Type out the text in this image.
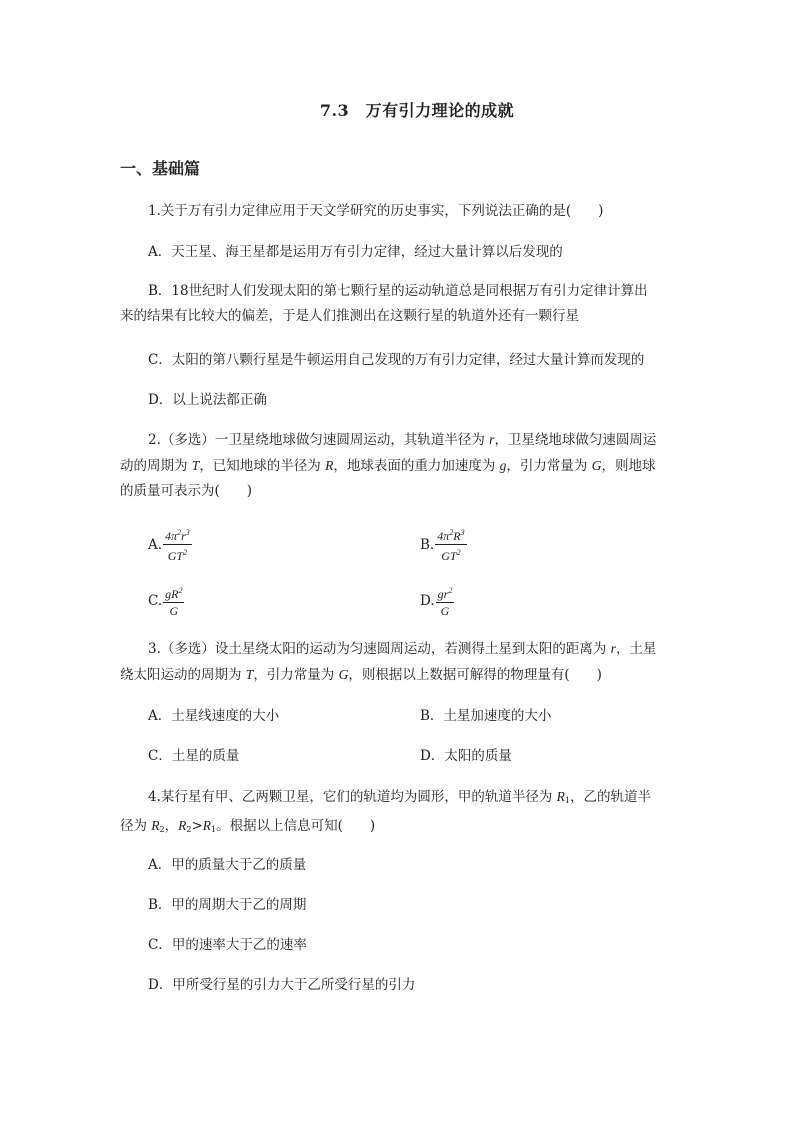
7.3　万有引力理论的成就
一、基础篇
1.关于万有引力定律应用于天文学研究的历史事实，下列说法正确的是(　　)
A．天王星、海王星都是运用万有引力定律，经过大量计算以后发现的
B．18世纪时人们发现太阳的第七颗行星的运动轨道总是同根据万有引力定律计算出来的结果有比较大的偏差，于是人们推测出在这颗行星的轨道外还有一颗行星
C．太阳的第八颗行星是牛顿运用自己发现的万有引力定律，经过大量计算而发现的
D．以上说法都正确
2.（多选）一卫星绕地球做匀速圆周运动，其轨道半径为 r，卫星绕地球做匀速圆周运动的周期为 T，已知地球的半径为 R，地球表面的重力加速度为 g，引力常量为 G，则地球的质量可表示为(　　)
A. $\frac{4\pi^2r^3}{GT^2}$	B. $\frac{4\pi^2R^3}{GT^2}$
C. $\frac{gR^2}{G}$	D. $\frac{gr^2}{G}$
3.（多选）设土星绕太阳的运动为匀速圆周运动，若测得土星到太阳的距离为 r，土星绕太阳运动的周期为 T，引力常量为 G，则根据以上数据可解得的物理量有(　　)
A．土星线速度的大小	B．土星加速度的大小
C．土星的质量	D．太阳的质量
4.某行星有甲、乙两颗卫星，它们的轨道均为圆形，甲的轨道半径为 $R_1$，乙的轨道半径为 $R_2$，$R_2>R_1$。根据以上信息可知(　　)
A．甲的质量大于乙的质量
B．甲的周期大于乙的周期
C．甲的速率大于乙的速率
D．甲所受行星的引力大于乙所受行星的引力
